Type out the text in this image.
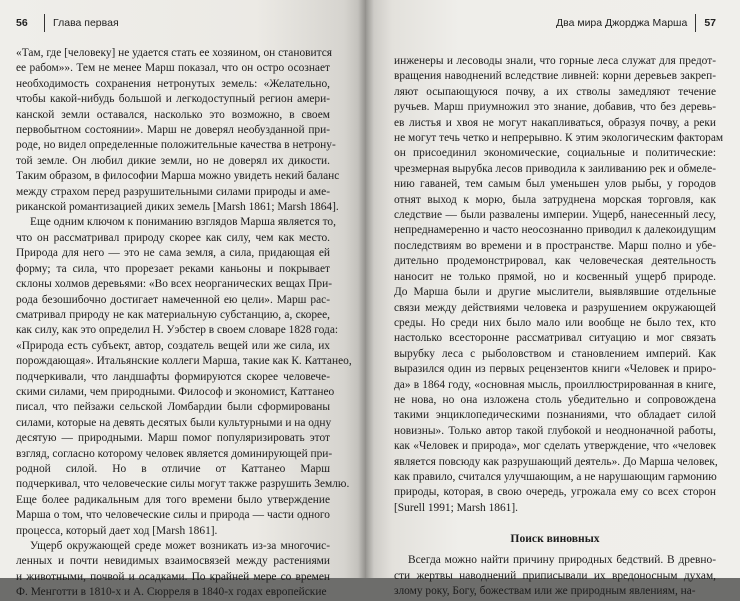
56	Глава первая
«Там, где [человеку] не удается стать ее хозяином, он становится
ее рабом»». Тем не менее Марш показал, что он остро осознает
необходимость сохранения нетронутых земель: «Желательно,
чтобы какой-нибудь большой и легкодоступный регион амери-
канской земли оставался, насколько это возможно, в своем
первобытном состоянии». Марш не доверял необузданной при-
роде, но видел определенные положительные качества в нетрону-
той земле. Он любил дикие земли, но не доверял их дикости.
Таким образом, в философии Марша можно увидеть некий баланс
между страхом перед разрушительными силами природы и аме-
риканской романтизацией диких земель [Marsh 1861; Marsh 1864].
Еще одним ключом к пониманию взглядов Марша является то,
что он рассматривал природу скорее как силу, чем как место.
Природа для него — это не сама земля, а сила, придающая ей
форму; та сила, что прорезает реками каньоны и покрывает
склоны холмов деревьями: «Во всех неорганических вещах При-
рода безошибочно достигает намеченной ею цели». Марш рас-
сматривал природу не как материальную субстанцию, а, скорее,
как силу, как это определил Н. Уэбстер в своем словаре 1828 года:
«Природа есть субъект, автор, создатель вещей или же сила, их
порождающая». Итальянские коллеги Марша, такие как К. Каттанео,
подчеркивали, что ландшафты формируются скорее человече-
скими силами, чем природными. Философ и экономист, Каттанео
писал, что пейзажи сельской Ломбардии были сформированы
силами, которые на девять десятых были культурными и на одну
десятую — природными. Марш помог популяризировать этот
взгляд, согласно которому человек является доминирующей при-
родной силой. Но в отличие от Каттанео Марш
подчеркивал, что человеческие силы могут также разрушить Землю.
Еще более радикальным для того времени было утверждение
Марша о том, что человеческие силы и природа — части одного
процесса, который дает ход [Marsh 1861].
Ущерб окружающей среде может возникать из-за многочис-
ленных и почти невидимых взаимосвязей между растениями
и животными, почвой и осадками. По крайней мере со времен
Ф. Менготти в 1810-х и А. Сюрреля в 1840-х годах европейские
Два мира Джорджа Марша 57
инженеры и лесоводы знали, что горные леса служат для предот-
вращения наводнений вследствие ливней: корни деревьев закреп-
ляют осыпающуюся почву, а их стволы замедляют течение
ручьев. Марш приумножил это знание, добавив, что без деревь-
ев листья и хвоя не могут накапливаться, образуя почву, а реки
не могут течь четко и непрерывно. К этим экологическим факторам
он присоединил экономические, социальные и политические:
чрезмерная вырубка лесов приводила к заиливанию рек и обмеле-
нию гаваней, тем самым был уменьшен улов рыбы, у городов
отнят выход к морю, была затруднена морская торговля, как
следствие — были развалены империи. Ущерб, нанесенный лесу,
непреднамеренно и часто неосознанно приводил к далекоидущим
последствиям во времени и в пространстве. Марш полно и убе-
дительно продемонстрировал, как человеческая деятельность
наносит не только прямой, но и косвенный ущерб природе.
До Марша были и другие мыслители, выявлявшие отдельные
связи между действиями человека и разрушением окружающей
среды. Но среди них было мало или вообще не было тех, кто
настолько всесторонне рассматривал ситуацию и мог связать
вырубку леса с рыболовством и становлением империй. Как
выразился один из первых рецензентов книги «Человек и приро-
да» в 1864 году, «основная мысль, проиллюстрированная в книге,
не нова, но она изложена столь убедительно и сопровождена
такими энциклопедическими познаниями, что обладает силой
новизны». Только автор такой глубокой и неодноначной работы,
как «Человек и природа», мог сделать утверждение, что «человек
является повсюду как разрушающий деятель». До Марша человек,
как правило, считался улучшающим, а не нарушающим гармонию
природы, которая, в свою очередь, угрожала ему со всех сторон
[Surell 1991; Marsh 1861].
Поиск виновных
Всегда можно найти причину природных бедствий. В древно-
сти жертвы наводнений приписывали их вредоносным духам,
злому року, Богу, божествам или же природным явлениям, на-
